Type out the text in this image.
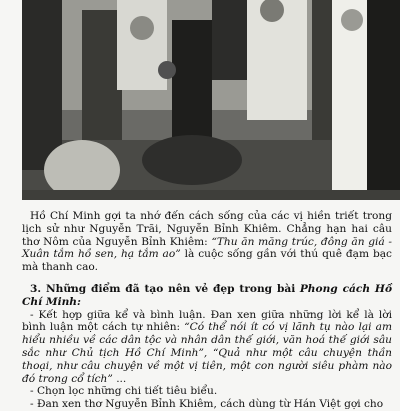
Hồ Chí Minh gợi ta nhớ đến cách sống của các vị hiền triết trong lịch sử như Nguyễn Trãi, Nguyễn Bỉnh Khiêm. Chẳng hạn hai câu thơ Nôm của Nguyễn Bỉnh Khiêm: “Thu ăn măng trúc, đông ăn giá - Xuân tắm hồ sen, hạ tắm ao” là cuộc sống gần với thú quê đạm bạc mà thanh cao.

3. Những điểm đã tạo nên vẻ đẹp trong bài Phong cách Hồ Chí Minh:

- Kết hợp giữa kể và bình luận. Đan xen giữa những lời kể là lời bình luận một cách tự nhiên: “Có thể nói ít có vị lãnh tụ nào lại am hiểu nhiều về các dân tộc và nhân dân thế giới, văn hoá thế giới sâu sắc như Chủ tịch Hồ Chí Minh”, “Quả như một câu chuyện thần thoại, như câu chuyện về một vị tiên, một con người siêu phàm nào đó trong cổ tích” ...

- Chọn lọc những chi tiết tiêu biểu.

- Đan xen thơ Nguyễn Bỉnh Khiêm, cách dùng từ Hán Việt gợi cho
